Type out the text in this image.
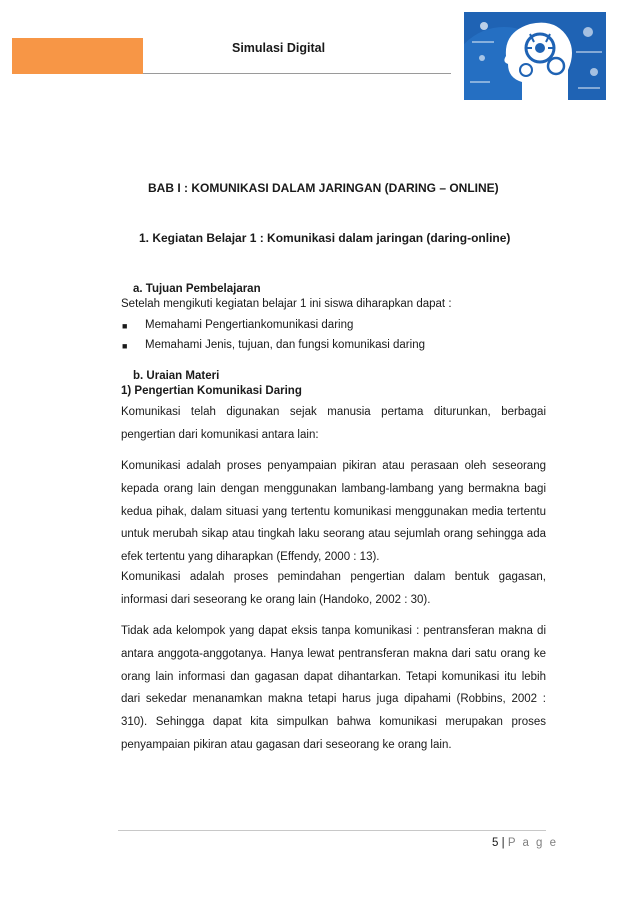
Simulasi Digital
BAB I : KOMUNIKASI DALAM JARINGAN (DARING – ONLINE)
1. Kegiatan Belajar 1 : Komunikasi dalam jaringan (daring-online)
a. Tujuan Pembelajaran
Setelah mengikuti kegiatan belajar 1 ini siswa diharapkan dapat :
■ Memahami Pengertiankomunikasi daring
■ Memahami Jenis, tujuan, dan fungsi komunikasi daring
b. Uraian Materi
1) Pengertian Komunikasi Daring
Komunikasi telah digunakan sejak manusia pertama diturunkan, berbagai pengertian dari komunikasi antara lain:
Komunikasi adalah proses penyampaian pikiran atau perasaan oleh seseorang kepada orang lain dengan menggunakan lambang-lambang yang bermakna bagi kedua pihak, dalam situasi yang tertentu komunikasi menggunakan media tertentu untuk merubah sikap atau tingkah laku seorang atau sejumlah orang sehingga ada efek tertentu yang diharapkan (Effendy, 2000 : 13).
Komunikasi adalah proses pemindahan pengertian dalam bentuk gagasan, informasi dari seseorang ke orang lain (Handoko, 2002 : 30).
Tidak ada kelompok yang dapat eksis tanpa komunikasi : pentransferan makna di antara anggota-anggotanya. Hanya lewat pentransferan makna dari satu orang ke orang lain informasi dan gagasan dapat dihantarkan. Tetapi komunikasi itu lebih dari sekedar menanamkan makna tetapi harus juga dipahami (Robbins, 2002 : 310). Sehingga dapat kita simpulkan bahwa komunikasi merupakan proses penyampaian pikiran atau gagasan dari seseorang ke orang lain.
5 | P a g e
